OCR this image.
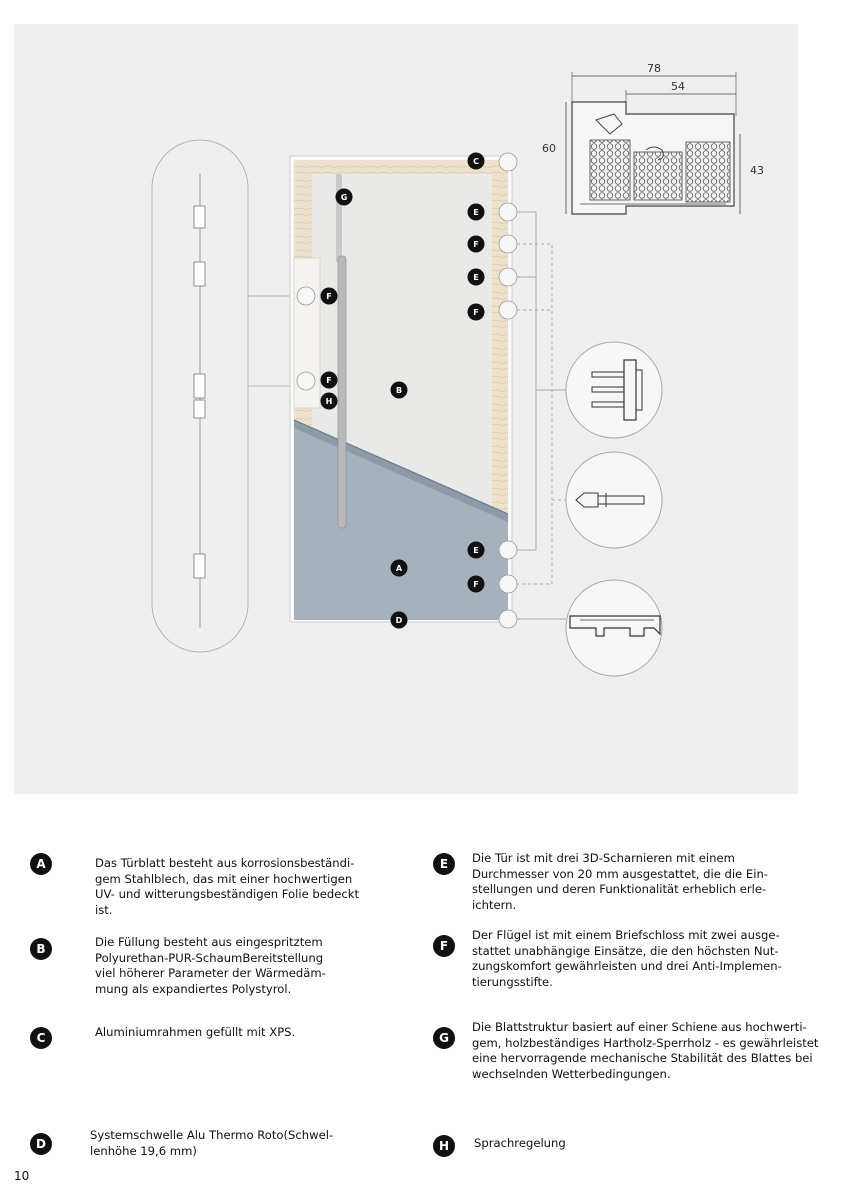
78
54
60
43
C
G
E
F
E
F
F
F
H
B
E
A
F
D
A	Das Türblatt besteht aus korrosionsbeständi-
gem Stahlblech, das mit einer hochwertigen
UV- und witterungsbeständigen Folie bedeckt
ist.
B	Die Füllung besteht aus eingespritztem
Polyurethan-PUR-SchaumBereitstellung
viel höherer Parameter der Wärmedäm-
mung als expandiertes Polystyrol.
C	Aluminiumrahmen gefüllt mit XPS.
D
Systemschwelle Alu Thermo Roto(Schwel-
lenhöhe 19,6 mm)
E	Die Tür ist mit drei 3D-Scharnieren mit einem
Durchmesser von 20 mm ausgestattet, die die Ein-
stellungen und deren Funktionalität erheblich erle-
ichtern.
F
Der Flügel ist mit einem Briefschloss mit zwei ausge-
stattet unabhängige Einsätze, die den höchsten Nut-
zungskomfort gewährleisten und drei Anti-Implemen-
tierungsstifte.
G
Die Blattstruktur basiert auf einer Schiene aus hochwerti-
gem, holzbeständiges Hartholz-Sperrholz - es gewährleistet
eine hervorragende mechanische Stabilität des Blattes bei
wechselnden Wetterbedingungen.
H	Sprachregelung
10
